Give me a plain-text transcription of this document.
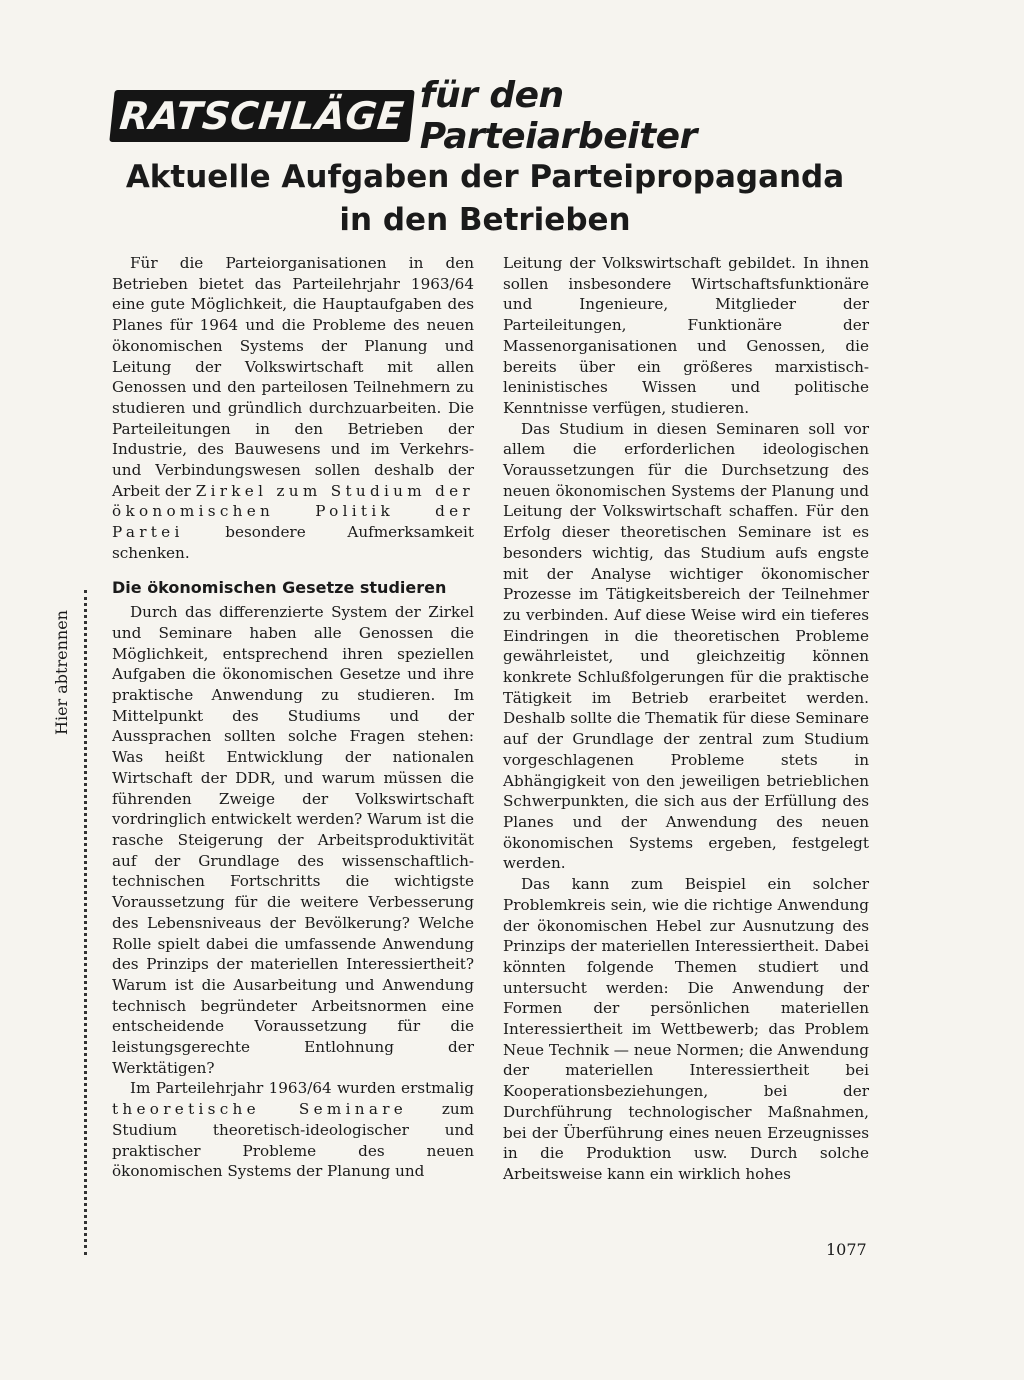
RATSCHLÄGE für den Parteiarbeiter
Aktuelle Aufgaben der Parteipropaganda
in den Betrieben

Für die Parteiorganisationen in den Betrieben bietet das Parteilehrjahr 1963/64 eine gute Möglichkeit, die Hauptaufgaben des Planes für 1964 und die Probleme des neuen ökonomischen Systems der Planung und Leitung der Volkswirtschaft mit allen Genossen und den parteilosen Teilnehmern zu studieren und gründlich durchzuarbeiten. Die Parteileitungen in den Betrieben der Industrie, des Bauwesens und im Verkehrs- und Verbindungswesen sollen deshalb der Arbeit der Zirkel zum Studium der ökonomischen Politik der Partei	besondere Aufmerksamkeit schenken.

Die ökonomischen Gesetze studieren

Durch das differenzierte System der Zirkel und Seminare haben alle Genossen die Möglichkeit, entsprechend ihren speziellen Aufgaben die ökonomischen Gesetze und ihre praktische Anwendung zu studieren. Im Mittelpunkt des Studiums und der Aussprachen sollten solche Fragen stehen: Was heißt Entwicklung der nationalen Wirtschaft der DDR, und warum müssen die führenden Zweige der Volkswirtschaft vordringlich entwickelt werden? Warum ist die rasche Steigerung der Arbeitsproduktivität auf der Grundlage des wissenschaftlich-technischen Fortschritts die wichtigste Voraussetzung für die weitere Verbesserung des Lebensniveaus der Bevölkerung? Welche Rolle spielt dabei die umfassende Anwendung des Prinzips der materiellen Interessiertheit? Warum ist die Ausarbeitung und Anwendung technisch begründeter Arbeitsnormen eine entscheidende Voraussetzung für die leistungsgerechte Entlohnung der Werktätigen?

Im Parteilehrjahr 1963/64 wurden erstmalig theoretische Seminare zum Studium theoretisch-ideologischer und praktischer Probleme des neuen ökonomischen Systems der Planung und

Leitung der Volkswirtschaft gebildet. In ihnen sollen insbesondere Wirtschaftsfunktionäre und Ingenieure, Mitglieder der Parteileitungen, Funktionäre der Massenorganisationen und Genossen, die bereits über ein größeres marxistisch-leninistisches Wissen und politische Kenntnisse verfügen, studieren.

Das Studium in diesen Seminaren soll vor allem die erforderlichen ideologischen Voraussetzungen für die Durchsetzung des neuen ökonomischen Systems der Planung und Leitung der Volkswirtschaft schaffen. Für den Erfolg dieser theoretischen Seminare ist es besonders wichtig, das Studium aufs engste mit der Analyse wichtiger ökonomischer Prozesse im Tätigkeitsbereich der Teilnehmer zu verbinden. Auf diese Weise wird ein tieferes Eindringen in die theoretischen Probleme gewährleistet, und gleichzeitig können konkrete Schlußfolgerungen für die praktische Tätigkeit im Betrieb erarbeitet werden. Deshalb sollte die Thematik für diese Seminare auf der Grundlage der zentral zum Studium vorgeschlagenen Probleme stets in Abhängigkeit von den jeweiligen betrieblichen Schwerpunkten, die sich aus der Erfüllung des Planes und der Anwendung des neuen ökonomischen Systems ergeben, festgelegt werden.

Das kann zum Beispiel ein solcher Problemkreis sein, wie die richtige Anwendung der ökonomischen Hebel zur Ausnutzung des Prinzips der materiellen Interessiertheit. Dabei könnten folgende Themen studiert und untersucht werden: Die Anwendung der Formen der persönlichen materiellen Interessiertheit im Wettbewerb; das Problem Neue Technik — neue Normen; die Anwendung der materiellen Interessiertheit bei Kooperationsbeziehungen, bei der Durchführung technologischer Maßnahmen, bei der Überführung eines neuen Erzeugnisses in die Produktion usw. Durch solche Arbeitsweise kann ein wirklich hohes

Hier abtrennen
1077
